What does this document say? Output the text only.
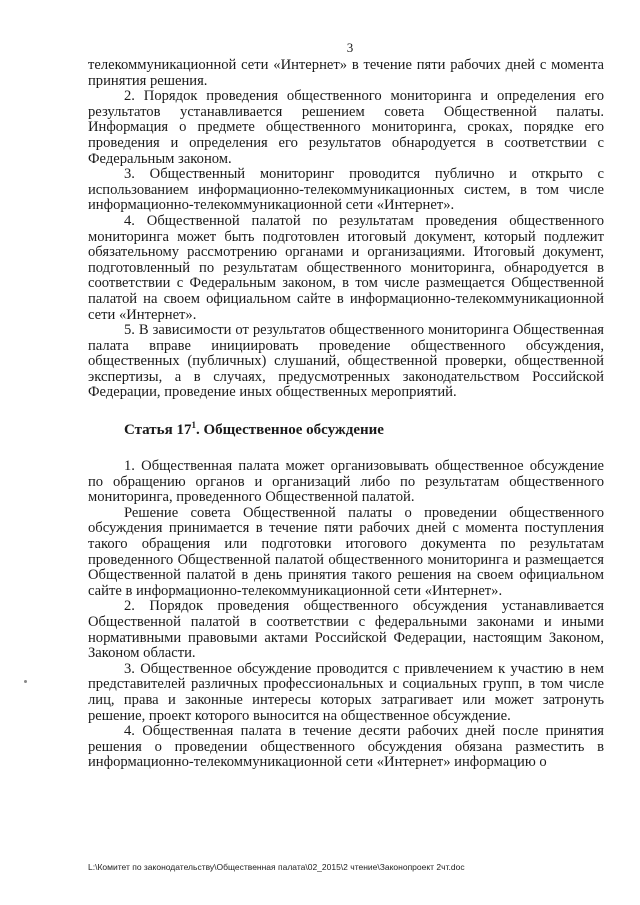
3

телекоммуникационной сети «Интернет» в течение пяти рабочих дней с момента принятия решения.

2. Порядок проведения общественного мониторинга и определения его результатов устанавливается решением совета Общественной палаты. Информация о предмете общественного мониторинга, сроках, порядке его проведения и определения его результатов обнародуется в соответствии с Федеральным законом.

3. Общественный мониторинг проводится публично и открыто с использованием информационно-телекоммуникационных систем, в том числе информационно-телекоммуникационной сети «Интернет».

4. Общественной палатой по результатам проведения общественного мониторинга может быть подготовлен итоговый документ, который подлежит обязательному рассмотрению органами и организациями. Итоговый документ, подготовленный по результатам общественного мониторинга, обнародуется в соответствии с Федеральным законом, в том числе размещается Общественной палатой на своем официальном сайте в информационно-телекоммуникационной сети «Интернет».

5. В зависимости от результатов общественного мониторинга Общественная палата вправе инициировать проведение общественного обсуждения, общественных (публичных) слушаний, общественной проверки, общественной экспертизы, а в случаях, предусмотренных законодательством Российской Федерации, проведение иных общественных мероприятий.

Статья $17^1$. Общественное обсуждение

1. Общественная палата может организовывать общественное обсуждение по обращению органов и организаций либо по результатам общественного мониторинга, проведенного Общественной палатой.

Решение совета Общественной палаты о проведении общественного обсуждения принимается в течение пяти рабочих дней с момента поступления такого обращения или подготовки итогового документа по результатам проведенного Общественной палатой общественного мониторинга и размещается Общественной палатой в день принятия такого решения на своем официальном сайте в информационно-телекоммуникационной сети «Интернет».

2. Порядок проведения общественного обсуждения устанавливается Общественной палатой в соответствии с федеральными законами и иными нормативными правовыми актами Российской Федерации, настоящим Законом, Законом области.

3. Общественное обсуждение проводится с привлечением к участию в нем представителей различных профессиональных и социальных групп, в том числе лиц, права и законные интересы которых затрагивает или может затронуть решение, проект которого выносится на общественное обсуждение.

4. Общественная палата в течение десяти рабочих дней после принятия решения о проведении общественного обсуждения обязана разместить в информационно-телекоммуникационной сети «Интернет» информацию о

L:\Комитет по законодательству\Общественная палата\02_2015\2 чтение\Законопроект 2чт.doc
